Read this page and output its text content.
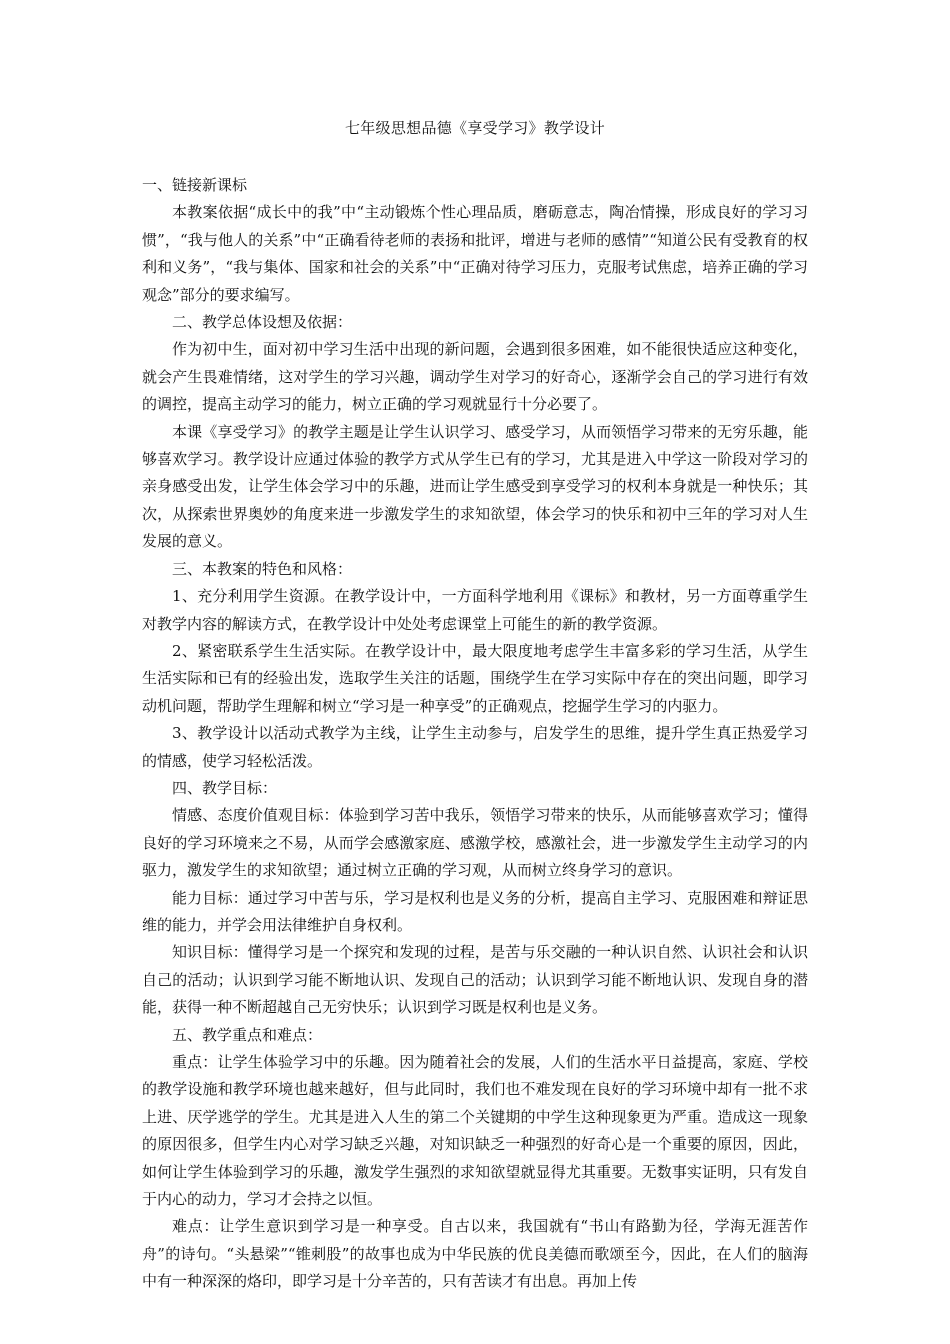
七年级思想品德《享受学习》教学设计

一、链接新课标

本教案依据“成长中的我”中“主动锻炼个性心理品质，磨砺意志，陶冶情操，形成良好的学习习惯”，“我与他人的关系”中“正确看待老师的表扬和批评，增进与老师的感情”“知道公民有受教育的权利和义务”，“我与集体、国家和社会的关系”中“正确对待学习压力，克服考试焦虑，培养正确的学习观念”部分的要求编写。

二、教学总体设想及依据：

作为初中生，面对初中学习生活中出现的新问题，会遇到很多困难，如不能很快适应这种变化，就会产生畏难情绪，这对学生的学习兴趣，调动学生对学习的好奇心，逐渐学会自己的学习进行有效的调控，提高主动学习的能力，树立正确的学习观就显行十分必要了。

本课《享受学习》的教学主题是让学生认识学习、感受学习，从而领悟学习带来的无穷乐趣，能够喜欢学习。教学设计应通过体验的教学方式从学生已有的学习，尤其是进入中学这一阶段对学习的亲身感受出发，让学生体会学习中的乐趣，进而让学生感受到享受学习的权利本身就是一种快乐；其次，从探索世界奥妙的角度来进一步激发学生的求知欲望，体会学习的快乐和初中三年的学习对人生发展的意义。

三、本教案的特色和风格：

1、充分利用学生资源。在教学设计中，一方面科学地利用《课标》和教材，另一方面尊重学生对教学内容的解读方式，在教学设计中处处考虑课堂上可能生的新的教学资源。

2、紧密联系学生生活实际。在教学设计中，最大限度地考虑学生丰富多彩的学习生活，从学生生活实际和已有的经验出发，选取学生关注的话题，围绕学生在学习实际中存在的突出问题，即学习动机问题，帮助学生理解和树立“学习是一种享受”的正确观点，挖掘学生学习的内驱力。

3、教学设计以活动式教学为主线，让学生主动参与，启发学生的思维，提升学生真正热爱学习的情感，使学习轻松活泼。

四、教学目标：

情感、态度价值观目标：体验到学习苦中我乐，领悟学习带来的快乐，从而能够喜欢学习；懂得良好的学习环境来之不易，从而学会感激家庭、感激学校，感激社会，进一步激发学生主动学习的内驱力，激发学生的求知欲望；通过树立正确的学习观，从而树立终身学习的意识。

能力目标：通过学习中苦与乐，学习是权利也是义务的分析，提高自主学习、克服困难和辩证思维的能力，并学会用法律维护自身权利。

知识目标：懂得学习是一个探究和发现的过程，是苦与乐交融的一种认识自然、认识社会和认识自己的活动；认识到学习能不断地认识、发现自己的活动；认识到学习能不断地认识、发现自身的潜能，获得一种不断超越自己无穷快乐；认识到学习既是权利也是义务。

五、教学重点和难点：

重点：让学生体验学习中的乐趣。因为随着社会的发展，人们的生活水平日益提高，家庭、学校的教学设施和教学环境也越来越好，但与此同时，我们也不难发现在良好的学习环境中却有一批不求上进、厌学逃学的学生。尤其是进入人生的第二个关键期的中学生这种现象更为严重。造成这一现象的原因很多，但学生内心对学习缺乏兴趣，对知识缺乏一种强烈的好奇心是一个重要的原因，因此，如何让学生体验到学习的乐趣，激发学生强烈的求知欲望就显得尤其重要。无数事实证明，只有发自于内心的动力，学习才会持之以恒。

难点：让学生意识到学习是一种享受。自古以来，我国就有“书山有路勤为径，学海无涯苦作舟”的诗句。“头悬梁”“锥刺股”的故事也成为中华民族的优良美德而歌颂至今，因此，在人们的脑海中有一种深深的烙印，即学习是十分辛苦的，只有苦读才有出息。再加上传
